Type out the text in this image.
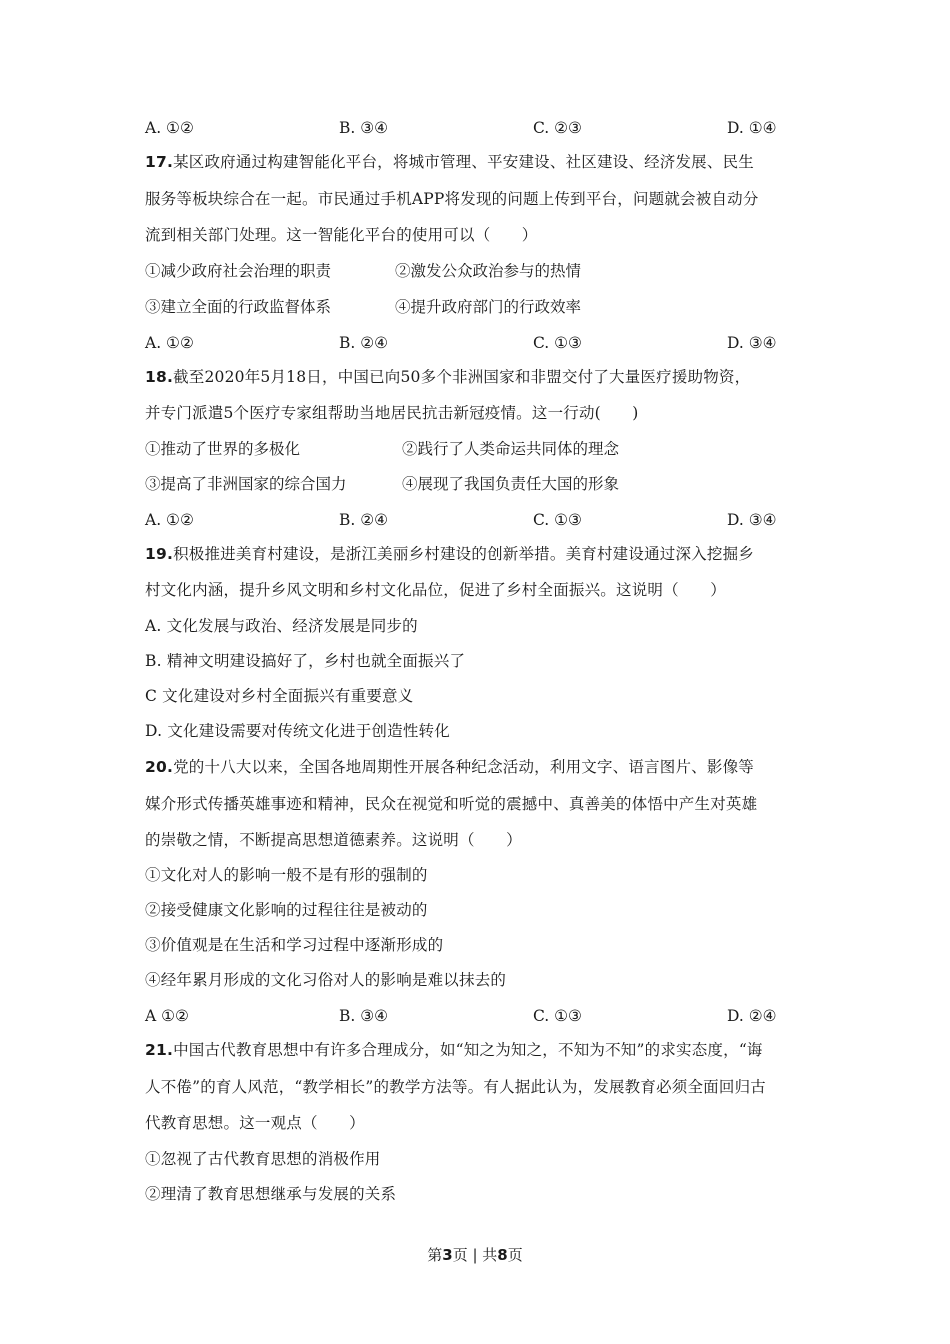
A. ①②	B. ③④	C. ②③	D. ①④
17.某区政府通过构建智能化平台，将城市管理、平安建设、社区建设、经济发展、民生
服务等板块综合在一起。市民通过手机APP将发现的问题上传到平台，问题就会被自动分
流到相关部门处理。这一智能化平台的使用可以（　　）
①减少政府社会治理的职责	②激发公众政治参与的热情
③建立全面的行政监督体系	④提升政府部门的行政效率
A. ①②	B. ②④	C. ①③	D. ③④
18.截至2020年5月18日，中国已向50多个非洲国家和非盟交付了大量医疗援助物资，
并专门派遣5个医疗专家组帮助当地居民抗击新冠疫情。这一行动(　　)
①推动了世界的多极化	②践行了人类命运共同体的理念
③提高了非洲国家的综合国力	④展现了我国负责任大国的形象
A. ①②	B. ②④	C. ①③	D. ③④
19.积极推进美育村建设，是浙江美丽乡村建设的创新举措。美育村建设通过深入挖掘乡
村文化内涵，提升乡风文明和乡村文化品位，促进了乡村全面振兴。这说明（　　）
A. 文化发展与政治、经济发展是同步的
B. 精神文明建设搞好了，乡村也就全面振兴了
C 文化建设对乡村全面振兴有重要意义
D. 文化建设需要对传统文化进于创造性转化
20.党的十八大以来，全国各地周期性开展各种纪念活动，利用文字、语言图片、影像等
媒介形式传播英雄事迹和精神，民众在视觉和听觉的震撼中、真善美的体悟中产生对英雄
的崇敬之情，不断提高思想道德素养。这说明（　　）
①文化对人的影响一般不是有形的强制的
②接受健康文化影响的过程往往是被动的
③价值观是在生活和学习过程中逐渐形成的
④经年累月形成的文化习俗对人的影响是难以抹去的
A ①②	B. ③④	C. ①③	D. ②④
21.中国古代教育思想中有许多合理成分，如“知之为知之，不知为不知”的求实态度，“诲
人不倦”的育人风范，“教学相长”的教学方法等。有人据此认为，发展教育必须全面回归古
代教育思想。这一观点（　　）
①忽视了古代教育思想的消极作用
②理清了教育思想继承与发展的关系
第3页 | 共8页
